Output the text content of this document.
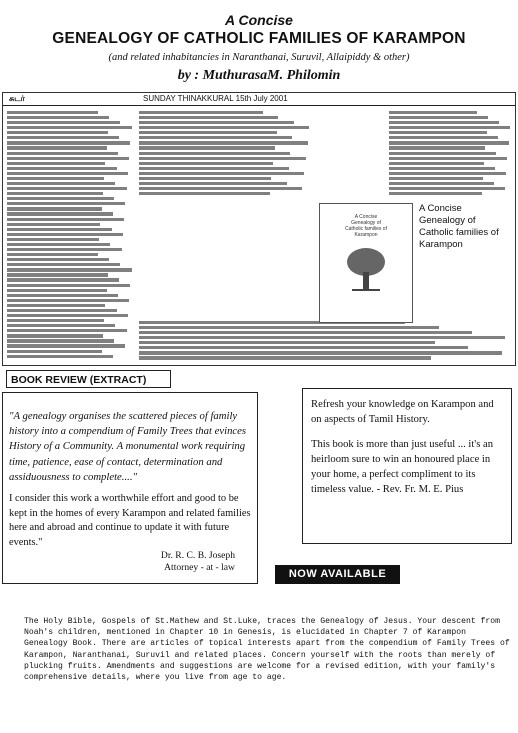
A Concise
GENEALOGY OF CATHOLIC FAMILIES OF KARAMPON
(and related inhabitancies in Naranthanai, Suruvil, Allaipiddy & other)
by : MuthurasaM. Philomin
சுடர்	SUNDAY THINAKKURAL 15th July 2001
A Concise
Genealogy of
Catholic families of
Karampon
A Concise
Genealogy of
Catholic families of
Karampon
BOOK REVIEW (EXTRACT)
"A genealogy organises the scattered pieces of family history into a compendium of Family Trees that evinces History of a Community. A monumental work requiring time, patience, ease of contact, determination and assiduousness to complete...."
I consider this work a worthwhile effort and good to be kept in the homes of every Karampon and related families here and abroad and continue to update it with future events."
Dr. R. C. B. Joseph
Attorney - at - law
Refresh your knowledge on Karampon and on aspects of Tamil History.
This book is more than just useful ... it's an heirloom sure to win an honoured place in your home, a perfect compliment to its timeless value. - Rev. Fr. M. E. Pius
NOW AVAILABLE
The Holy Bible, Gospels of St.Mathew and St.Luke, traces the Genealogy of Jesus. Your descent from Noah's children, mentioned in Chapter 10 in Genesis, is elucidated in Chapter 7 of Karampon Genealogy Book. There are articles of topical interests apart from the compendium of Family Trees of Karampon, Naranthanai, Suruvil and related places. Concern yourself with the roots than merely of plucking fruits. Amendments and suggestions are welcome for a revised edition, with your family's comprehensive details, where you live from age to age.
